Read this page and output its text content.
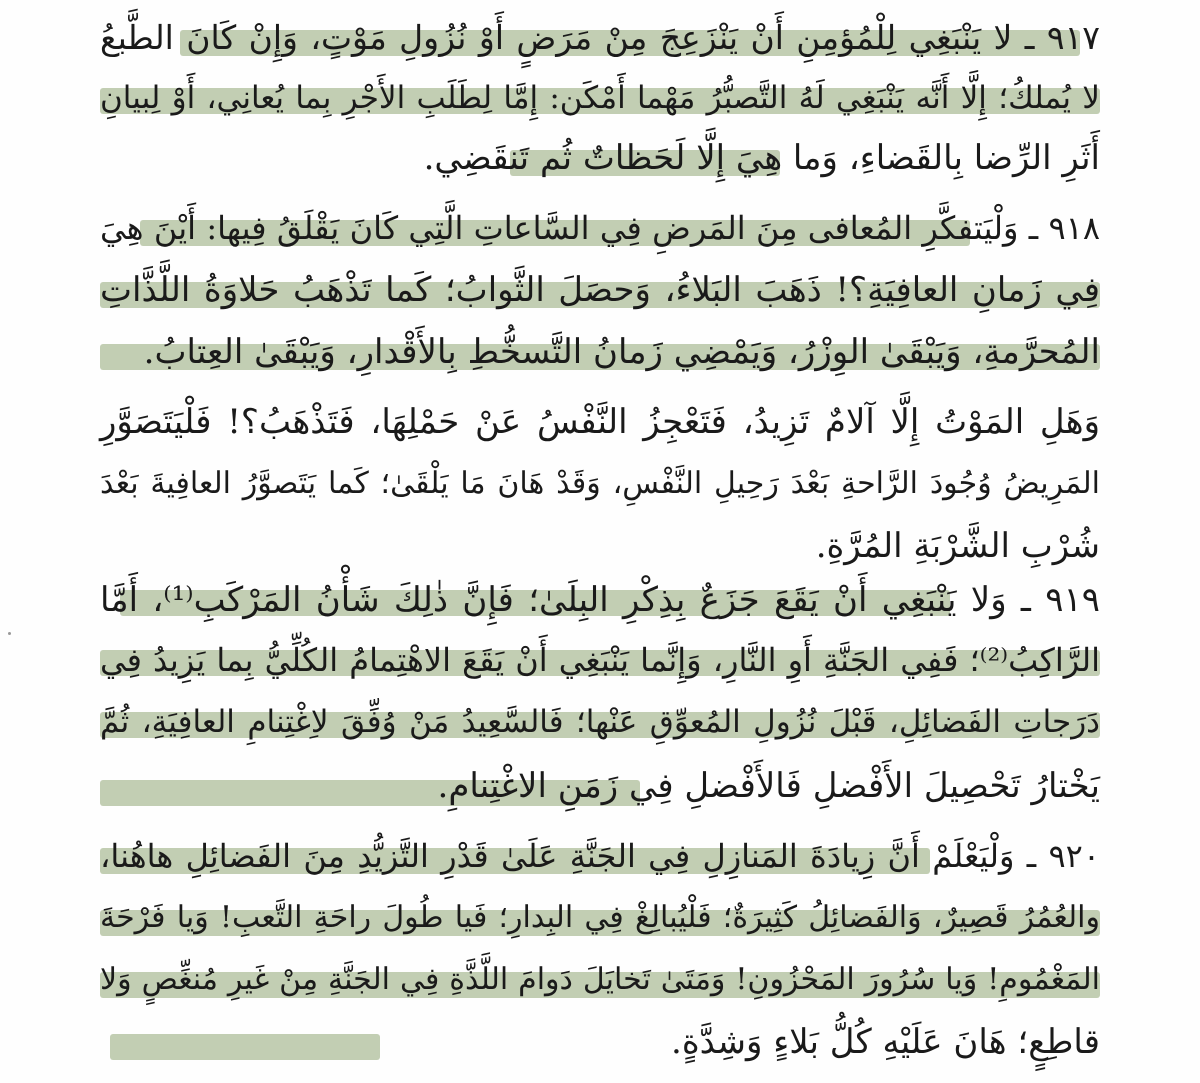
٩١٧ ـ لا يَنْبَغِي لِلْمُؤمِنِ أَنْ يَنْزَعِجَ مِنْ مَرَضٍ أَوْ نُزُولِ مَوْتٍ، وَإِنْ كَانَ الطَّبعُ
لا يُملكُ؛ إِلَّا أَنَّه يَنْبَغِي لَهُ التَّصبُّرُ مَهْما أَمْكَن: إِمَّا لِطَلَبِ الأَجْرِ بِما يُعانِي، أَوْ لِبيانِ
أَثَرِ الرِّضا بِالقَضاءِ، وَما هِيَ إِلَّا لَحَظاتٌ ثُم تَنقَضِي.
٩١٨ ـ وَلْيَتفكَّرِ المُعافى مِنَ المَرضِ فِي السَّاعاتِ الَّتِي كَانَ يَقْلَقُ فِيها: أَيْنَ هِيَ
فِي زَمانِ العافِيَةِ؟! ذَهَبَ البَلاءُ، وَحصَلَ الثَّوابُ؛ كَما تَذْهَبُ حَلاوَةُ اللَّذَّاتِ
المُحرَّمةِ، وَيَبْقَىٰ الوِزْرُ، وَيَمْضِي زَمانُ التَّسخُّطِ بِالأَقْدارِ، وَيَبْقَىٰ العِتابُ.
وَهَلِ المَوْتُ إِلَّا آلامٌ تَزِيدُ، فَتَعْجِزُ النَّفْسُ عَنْ حَمْلِهَا، فَتَذْهَبُ؟! فَلْيَتَصَوَّرِ
المَرِيضُ وُجُودَ الرَّاحةِ بَعْدَ رَحِيلِ النَّفْسِ، وَقَدْ هَانَ مَا يَلْقَىٰ؛ كَما يَتَصوَّرُ العافِيةَ بَعْدَ
شُرْبِ الشَّرْبَةِ المُرَّةِ.
٩١٩ ـ وَلا يَنْبَغِي أَنْ يَقَعَ جَزَعٌ بِذِكْرِ البِلَىٰ؛ فَإِنَّ ذٰلِكَ شَأْنُ المَرْكَبِ⁽¹⁾، أَمَّا
الرَّاكِبُ⁽²⁾؛ فَفِي الجَنَّةِ أَوِ النَّارِ، وَإِنَّما يَنْبَغِي أَنْ يَقَعَ الاهْتِمامُ الكُلِّيُّ بِما يَزِيدُ فِي
دَرَجاتِ الفَضائِلِ، قَبْلَ نُزُولِ المُعوِّقِ عَنْها؛ فَالسَّعِيدُ مَنْ وُفِّقَ لاِغْتِنامِ العافِيَةِ، ثُمَّ
يَخْتارُ تَحْصِيلَ الأَفْضلِ فَالأَفْضلِ فِي زَمَنِ الاغْتِنامِ.
٩٢٠ ـ وَلْيَعْلَمْ أَنَّ زِيادَةَ المَنازِلِ فِي الجَنَّةِ عَلَىٰ قَدْرِ التَّزيُّدِ مِنَ الفَضائِلِ هاهُنا،
والعُمُرُ قَصِيرٌ، وَالفَضائِلُ كَثِيرَةٌ؛ فَلْيُبالِغْ فِي البِدارِ؛ فَيا طُولَ راحَةِ التَّعبِ! وَيا فَرْحَةَ
المَغْمُومِ! وَيا سُرُورَ المَحْزُونِ! وَمَتَىٰ تَخايَلَ دَوامَ اللَّذَّةِ فِي الجَنَّةِ مِنْ غَيرِ مُنغِّصٍ وَلا
قاطِعٍ؛ هَانَ عَلَيْهِ كُلُّ بَلاءٍ وَشِدَّةٍ.
